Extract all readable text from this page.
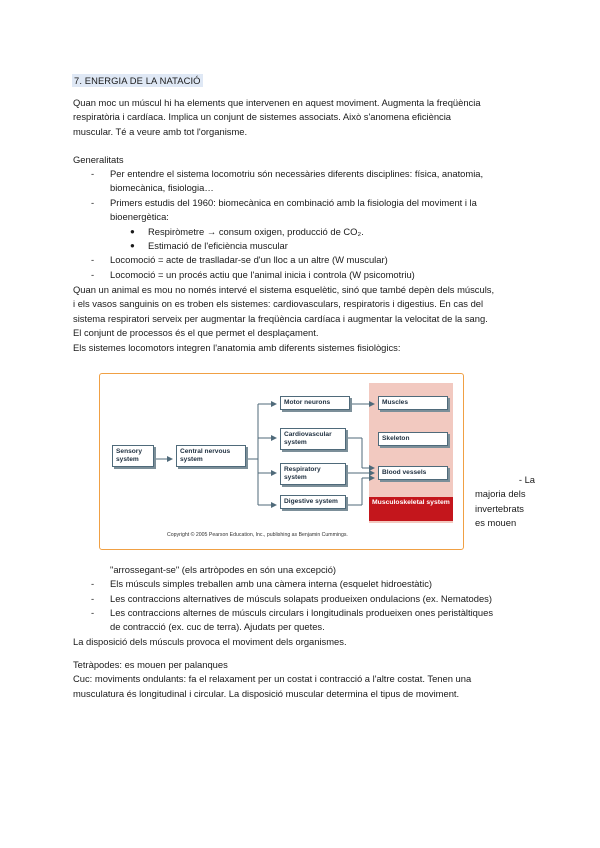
7. ENERGIA DE LA NATACIÓ
Quan moc un múscul hi ha elements que intervenen en aquest moviment. Augmenta la freqüència
respiratòria i cardíaca. Implica un conjunt de sistemes associats. Això s'anomena eficiència
muscular. Té a veure amb tot l'organisme.
Generalitats
- Per entendre el sistema locomotriu són necessàries diferents disciplines: física, anatomia,
biomecànica, fisiologia…
- Primers estudis del 1960: biomecànica en combinació amb la fisiologia del moviment i la
bioenergètica:
● Respiròmetre → consum oxigen, producció de CO₂.
● Estimació de l'eficiència muscular
- Locomoció = acte de traslladar-se d'un lloc a un altre (W muscular)
- Locomoció = un procés actiu que l'animal inicia i controla (W psicomotriu)
Quan un animal es mou no només intervé el sistema esquelètic, sinó que també depèn dels músculs,
i els vasos sanguinis on es troben els sistemes: cardiovasculars, respiratoris i digestius. En cas del
sistema respiratori serveix per augmentar la freqüència cardíaca i augmentar la velocitat de la sang.
El conjunt de processos és el que permet el desplaçament.
Els sistemes locomotors integren l'anatomia amb diferents sistemes fisiològics:
Sensory system
Central nervous system
Motor neurons
Cardiovascular system
Respiratory system
Digestive system
Muscles
Skeleton
Blood vessels
Musculoskeletal system
Copyright © 2005 Pearson Education, Inc., publishing as Benjamin Cummings.
- La
majoria dels
invertebrats
es mouen
"arrossegant-se" (els artròpodes en són una excepció)
- Els músculs simples treballen amb una càmera interna (esquelet hidroestàtic)
- Les contraccions alternatives de músculs solapats produeixen ondulacions (ex. Nematodes)
- Les contraccions alternes de músculs circulars i longitudinals produeixen ones peristàltiques
de contracció (ex. cuc de terra). Ajudats per quetes.
La disposició dels músculs provoca el moviment dels organismes.
Tetràpodes: es mouen per palanques
Cuc: moviments ondulants: fa el relaxament per un costat i contracció a l'altre costat. Tenen una
musculatura és longitudinal i circular. La disposició muscular determina el tipus de moviment.
